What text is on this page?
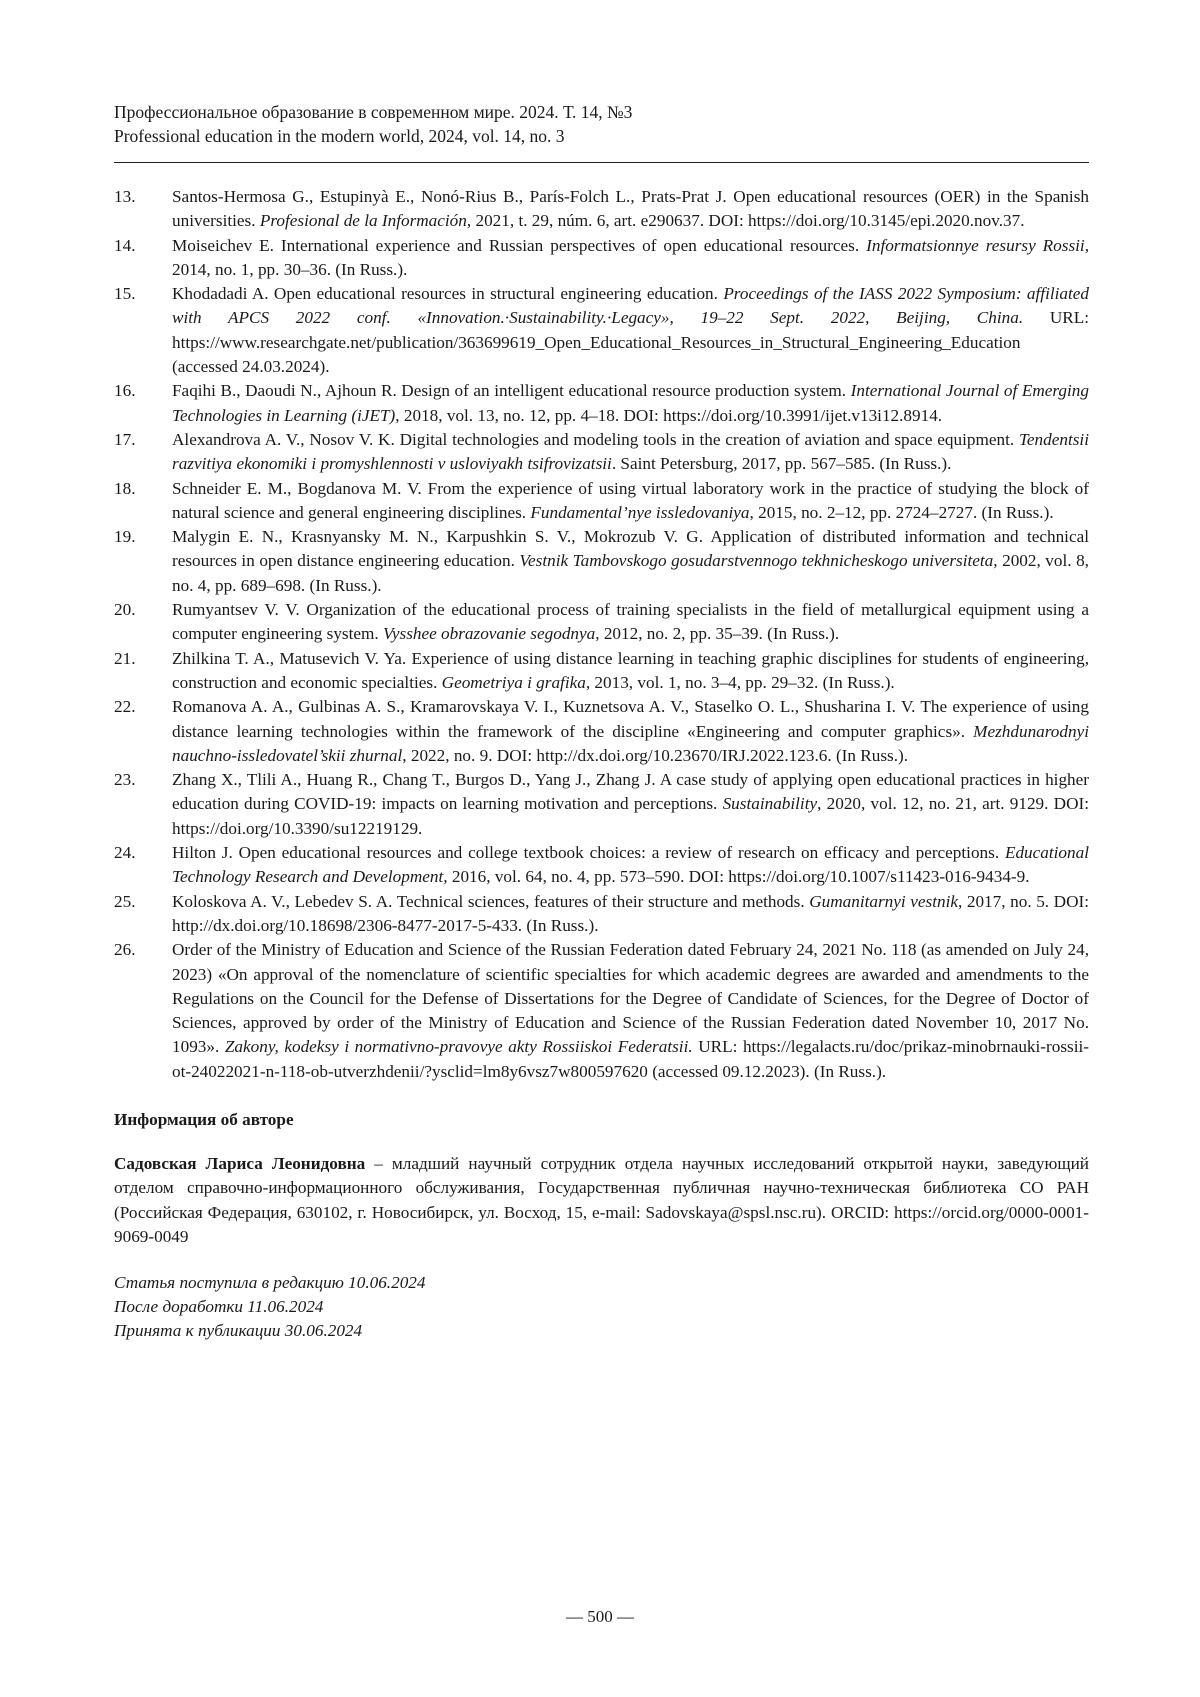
Профессиональное образование в современном мире. 2024. Т. 14, №3
Professional education in the modern world, 2024, vol. 14, no. 3
13.	Santos-Hermosa G., Estupinyà E., Nonó-Rius B., París-Folch L., Prats-Prat J. Open educational resources (OER) in the Spanish universities. Profesional de la Información, 2021, t. 29, núm. 6, art. e290637. DOI: https://doi.org/10.3145/epi.2020.nov.37.
14.	Moiseichev E. International experience and Russian perspectives of open educational resources. Informatsionnye resursy Rossii, 2014, no. 1, pp. 30–36. (In Russ.).
15.	Khodadadi A. Open educational resources in structural engineering education. Proceedings of the IASS 2022 Symposium: affiliated with APCS 2022 conf. «Innovation.·Sustainability.·Legacy», 19–22 Sept. 2022, Beijing, China. URL: https://www.researchgate.net/publication/363699619_Open_Educational_Resources_in_Structural_Engineering_Education (accessed 24.03.2024).
16.	Faqihi B., Daoudi N., Ajhoun R. Design of an intelligent educational resource production system. International Journal of Emerging Technologies in Learning (iJET), 2018, vol. 13, no. 12, pp. 4–18. DOI: https://doi.org/10.3991/ijet.v13i12.8914.
17.	Alexandrova A. V., Nosov V. K. Digital technologies and modeling tools in the creation of aviation and space equipment. Tendentsii razvitiya ekonomiki i promyshlennosti v usloviyakh tsifrovizatsii. Saint Petersburg, 2017, pp. 567–585. (In Russ.).
18.	Schneider E. M., Bogdanova M. V. From the experience of using virtual laboratory work in the practice of studying the block of natural science and general engineering disciplines. Fundamental’nye issledovaniya, 2015, no. 2–12, pp. 2724–2727. (In Russ.).
19.	Malygin E. N., Krasnyansky M. N., Karpushkin S. V., Mokrozub V. G. Application of distributed information and technical resources in open distance engineering education. Vestnik Tambovskogo gosudarstvennogo tekhnicheskogo universiteta, 2002, vol. 8, no. 4, pp. 689–698. (In Russ.).
20.	Rumyantsev V. V. Organization of the educational process of training specialists in the field of metallurgical equipment using a computer engineering system. Vysshee obrazovanie segodnya, 2012, no. 2, pp. 35–39. (In Russ.).
21.	Zhilkina T. A., Matusevich V. Ya. Experience of using distance learning in teaching graphic disciplines for students of engineering, construction and economic specialties. Geometriya i grafika, 2013, vol. 1, no. 3–4, pp. 29–32. (In Russ.).
22.	Romanova A. A., Gulbinas A. S., Kramarovskaya V. I., Kuznetsova A. V., Staselko O. L., Shusharina I. V. The experience of using distance learning technologies within the framework of the discipline «Engineering and computer graphics». Mezhdunarodnyi nauchno-issledovatel’skii zhurnal, 2022, no. 9. DOI: http://dx.doi.org/10.23670/IRJ.2022.123.6. (In Russ.).
23.	Zhang X., Tlili A., Huang R., Chang T., Burgos D., Yang J., Zhang J. A case study of applying open educational practices in higher education during COVID-19: impacts on learning motivation and perceptions. Sustainability, 2020, vol. 12, no. 21, art. 9129. DOI: https://doi.org/10.3390/su12219129.
24.	Hilton J. Open educational resources and college textbook choices: a review of research on efficacy and perceptions. Educational Technology Research and Development, 2016, vol. 64, no. 4, pp. 573–590. DOI: https://doi.org/10.1007/s11423-016-9434-9.
25.	Koloskova A. V., Lebedev S. A. Technical sciences, features of their structure and methods. Gumanitarnyi vestnik, 2017, no. 5. DOI: http://dx.doi.org/10.18698/2306-8477-2017-5-433. (In Russ.).
26.	Order of the Ministry of Education and Science of the Russian Federation dated February 24, 2021 No. 118 (as amended on July 24, 2023) «On approval of the nomenclature of scientific specialties for which academic degrees are awarded and amendments to the Regulations on the Council for the Defense of Dissertations for the Degree of Candidate of Sciences, for the Degree of Doctor of Sciences, approved by order of the Ministry of Education and Science of the Russian Federation dated November 10, 2017 No. 1093». Zakony, kodeksy i normativno-pravovye akty Rossiiskoi Federatsii. URL: https://legalacts.ru/doc/prikaz-minobrnauki-rossii-ot-24022021-n-118-ob-utverzhdenii/?ysclid=lm8y6vsz7w800597620 (accessed 09.12.2023). (In Russ.).
Информация об авторе
Садовская Лариса Леонидовна – младший научный сотрудник отдела научных исследований открытой науки, заведующий отделом справочно-информационного обслуживания, Государственная публичная научно-техническая библиотека СО РАН (Российская Федерация, 630102, г. Новосибирск, ул. Восход, 15, e-mail: Sadovskaya@spsl.nsc.ru). ORCID: https://orcid.org/0000-0001-9069-0049
Статья поступила в редакцию 10.06.2024
После доработки 11.06.2024
Принята к публикации 30.06.2024
— 500 —
